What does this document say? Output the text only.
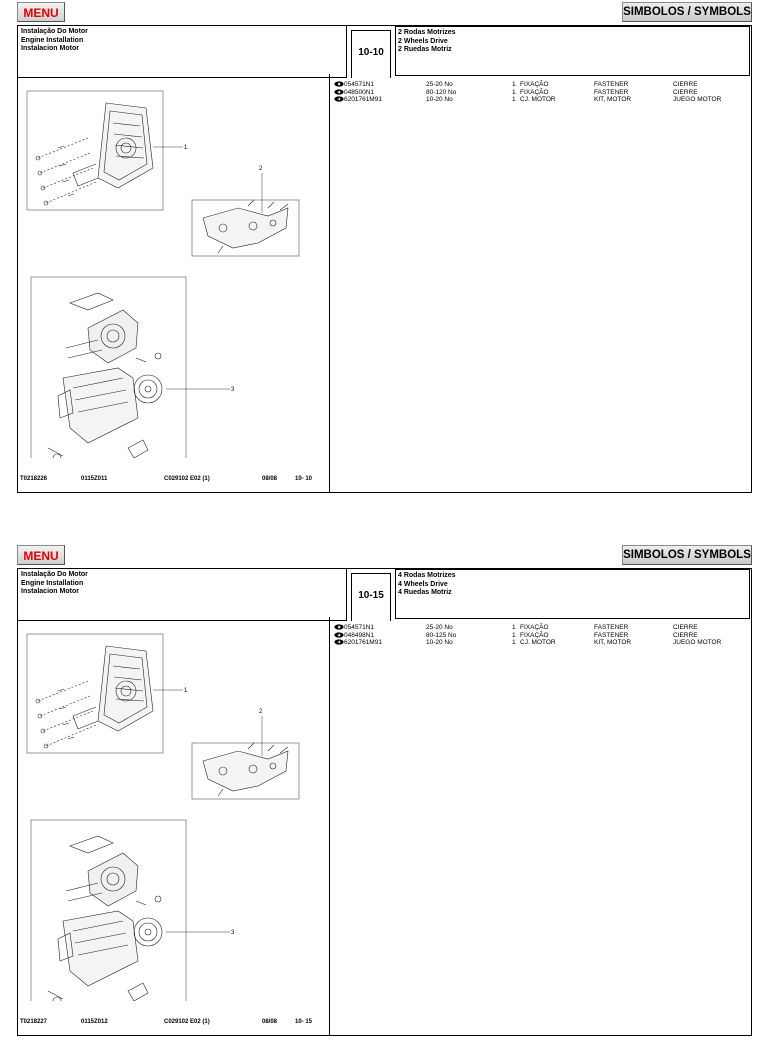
MENU	SIMBOLOS / SYMBOLS
Instalação Do Motor
Engine Installation
Instalacion Motor	10-10
2 Rodas Motrizes
2 Wheels Drive
2 Ruedas Motriz
1
2
3
T0218226	0115Z011	C029102 E02 (1)	08/08	10- 10
1 054571N1	25-20 No	1 FIXAÇÃO	FASTENER	CIERRE
2 048500N1	80-120 No	1 FIXAÇÃO	FASTENER	CIERRE
3 6201761M91	10-20 No	1 CJ. MOTOR	KIT, MOTOR	JUEGO MOTOR
MENU	SIMBOLOS / SYMBOLS
Instalação Do Motor
Engine Installation
Instalacion Motor	10-15
4 Rodas Motrizes
4 Wheels Drive
4 Ruedas Motriz
1
2
3
T0218227	0115Z012	C029102 E02 (1)	08/08	10- 15
1 054571N1	25-20 No	1 FIXAÇÃO	FASTENER	CIERRE
2 048498N1	80-125 No	1 FIXAÇÃO	FASTENER	CIERRE
3 6201761M91	10-20 No	1 CJ. MOTOR	KIT, MOTOR	JUEGO MOTOR
